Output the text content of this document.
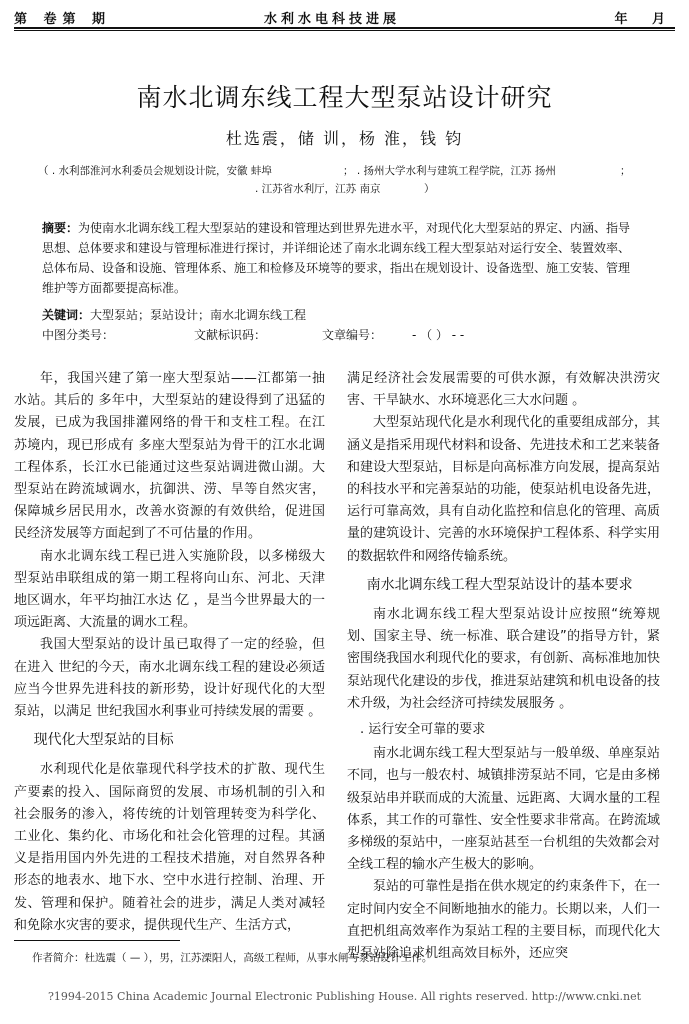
第 卷第 期	水利水电科技进展	年 月
南水北调东线工程大型泵站设计研究
杜选震，储 训，杨 淮，钱 钧
（ . 水利部淮河水利委员会规划设计院，安徽 蚌埠	； . 扬州大学水利与建筑工程学院，江苏 扬州	；
. 江苏省水利厅，江苏 南京	）
摘要：为使南水北调东线工程大型泵站的建设和管理达到世界先进水平，对现代化大型泵站的界定、内涵、指导思想、总体要求和建设与管理标准进行探讨，并详细论述了南水北调东线工程大型泵站对运行安全、装置效率、总体布局、设备和设施、管理体系、施工和检修及环境等的要求，指出在规划设计、设备选型、施工安装、管理维护等方面都要提高标准。
关键词：大型泵站；泵站设计；南水北调东线工程
中图分类号：	文献标识码：	文章编号： - （ ） - -

年，我国兴建了第一座大型泵站——江都第一抽水站。其后的 多年中，大型泵站的建设得到了迅猛的发展，已成为我国排灌网络的骨干和支柱工程。在江苏境内，现已形成有 多座大型泵站为骨干的江水北调工程体系，长江水已能通过这些泵站调进微山湖。大型泵站在跨流域调水，抗御洪、涝、旱等自然灾害，保障城乡居民用水，改善水资源的有效供给，促进国民经济发展等方面起到了不可估量的作用。

南水北调东线工程已进入实施阶段，以多梯级大型泵站串联组成的第一期工程将向山东、河北、天津地区调水，年平均抽江水达 亿 ，是当今世界最大的一项远距离、大流量的调水工程。

我国大型泵站的设计虽已取得了一定的经验，但在进入 世纪的今天，南水北调东线工程的建设必须适应当今世界先进科技的新形势，设计好现代化的大型泵站，以满足 世纪我国水利事业可持续发展的需要 。

现代化大型泵站的目标

水利现代化是依靠现代科学技术的扩散、现代生产要素的投入、国际商贸的发展、市场机制的引入和社会服务的渗入，将传统的计划管理转变为科学化、工业化、集约化、市场化和社会化管理的过程。其涵义是指用国内外先进的工程技术措施，对自然界各种形态的地表水、地下水、空中水进行控制、治理、开发、管理和保护。随着社会的进步，满足人类对减轻和免除水灾害的要求，提供现代生产、生活方式，

满足经济社会发展需要的可供水源，有效解决洪涝灾害、干旱缺水、水环境恶化三大水问题 。

大型泵站现代化是水利现代化的重要组成部分，其涵义是指采用现代材料和设备、先进技术和工艺来装备和建设大型泵站，目标是向高标准方向发展，提高泵站的科技水平和完善泵站的功能，使泵站机电设备先进，运行可靠高效，具有自动化监控和信息化的管理、高质量的建筑设计、完善的水环境保护工程体系、科学实用的数据软件和网络传输系统。

南水北调东线工程大型泵站设计的基本要求

南水北调东线工程大型泵站设计应按照“统筹规划、国家主导、统一标准、联合建设”的指导方针，紧密围绕我国水利现代化的要求，有创新、高标准地加快泵站现代化建设的步伐，推进泵站建筑和机电设备的技术升级，为社会经济可持续发展服务 。

. 运行安全可靠的要求

南水北调东线工程大型泵站与一般单级、单座泵站不同，也与一般农村、城镇排涝泵站不同，它是由多梯级泵站串并联而成的大流量、远距离、大调水量的工程体系，其工作的可靠性、安全性要求非常高。在跨流域多梯级的泵站中，一座泵站甚至一台机组的失效都会对全线工程的输水产生极大的影响。

泵站的可靠性是指在供水规定的约束条件下，在一定时间内安全不间断地抽水的能力。长期以来，人们一直把机组高效率作为泵站工程的主要目标，而现代化大型泵站除追求机组高效目标外，还应突

作者简介：杜选震（ — ），男，江苏溧阳人，高级工程师，从事水闸与泵站设计工作。
?1994-2015 China Academic Journal Electronic Publishing House. All rights reserved. http://www.cnki.net
